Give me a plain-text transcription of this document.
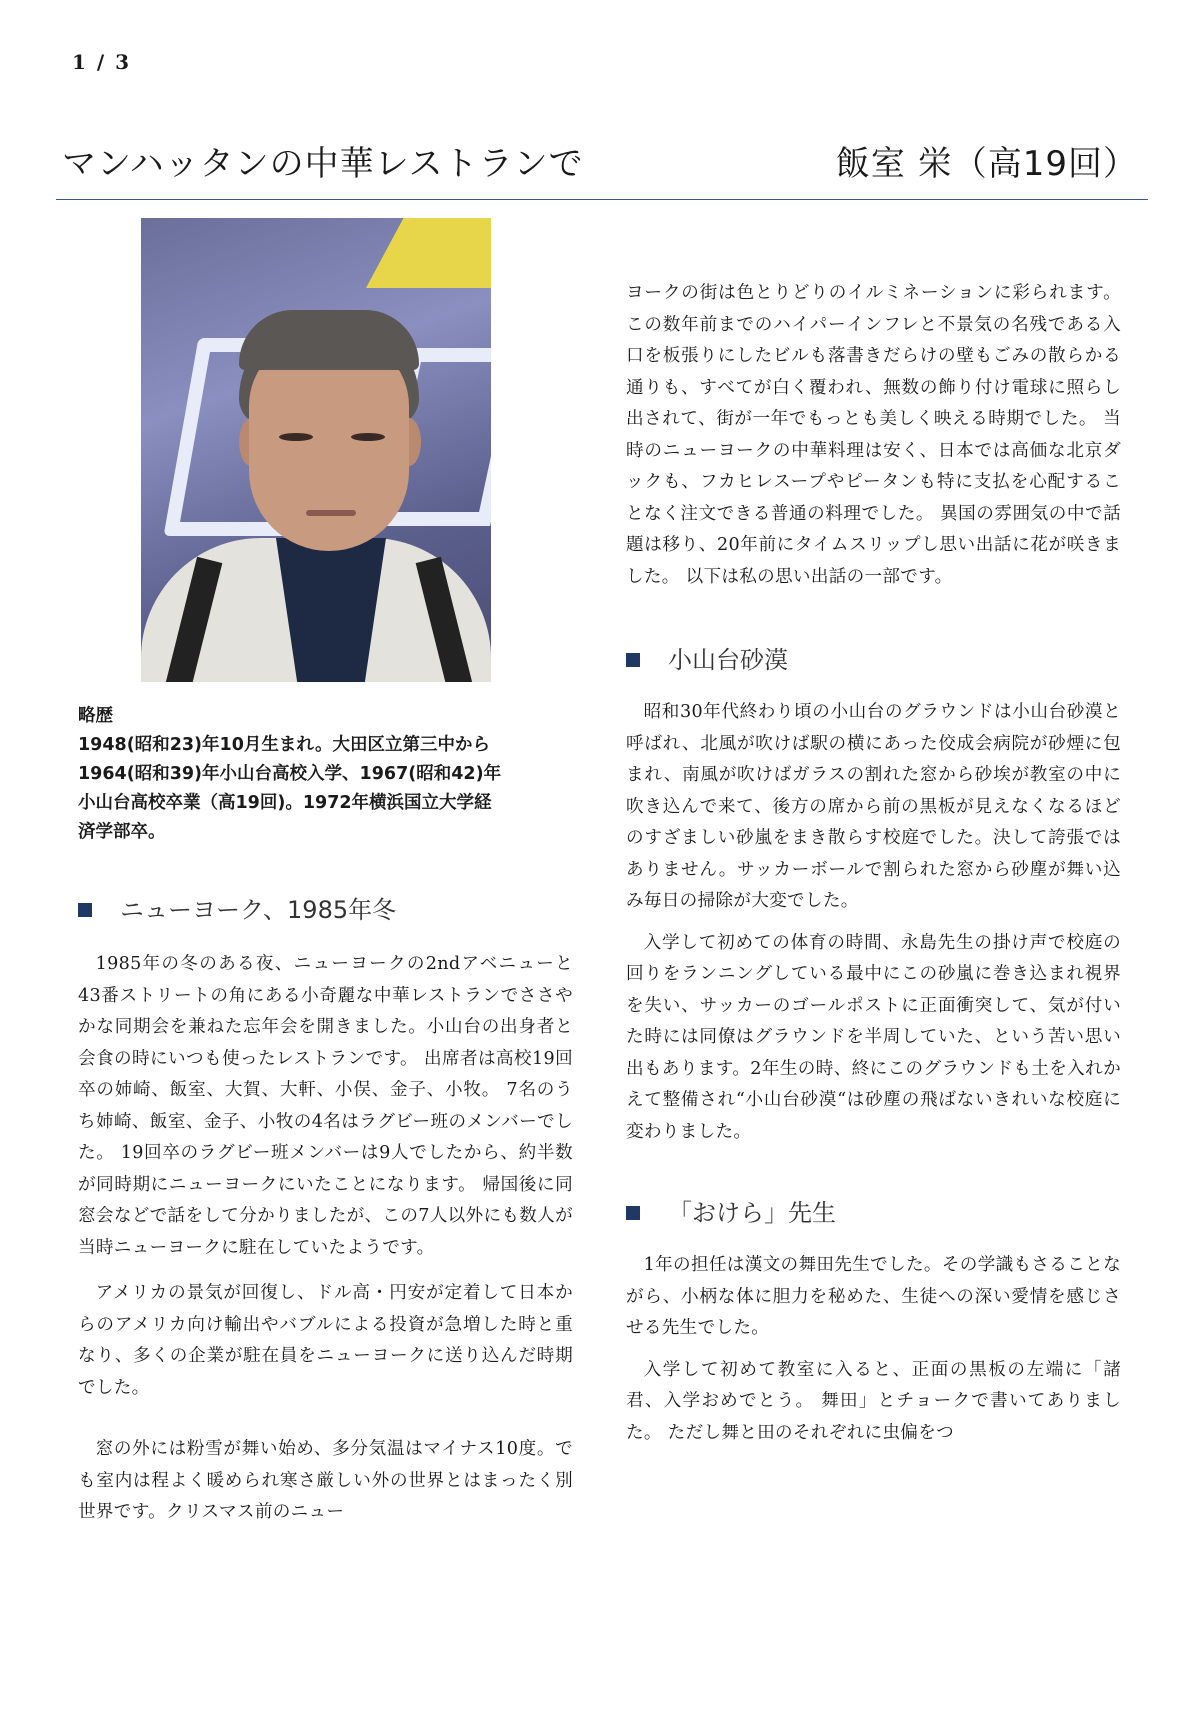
1 / 3
マンハッタンの中華レストランで	飯室 栄（高19回）
略歴
1948(昭和23)年10月生まれ。大田区立第三中から
1964(昭和39)年小山台高校入学、1967(昭和42)年
小山台高校卒業（高19回)。1972年横浜国立大学経
済学部卒。
ニューヨーク、1985年冬

1985年の冬のある夜、ニューヨークの2ndアベニューと43番ストリートの角にある小奇麗な中華レストランでささやかな同期会を兼ねた忘年会を開きました。小山台の出身者と会食の時にいつも使ったレストランです。 出席者は高校19回卒の姉崎、飯室、大賀、大軒、小俣、金子、小牧。 7名のうち姉崎、飯室、金子、小牧の4名はラグビー班のメンバーでした。 19回卒のラグビー班メンバーは9人でしたから、約半数が同時期にニューヨークにいたことになります。 帰国後に同窓会などで話をして分かりましたが、この7人以外にも数人が当時ニューヨークに駐在していたようです。

アメリカの景気が回復し、ドル高・円安が定着して日本からのアメリカ向け輸出やバブルによる投資が急増した時と重なり、多くの企業が駐在員をニューヨークに送り込んだ時期でした。

窓の外には粉雪が舞い始め、多分気温はマイナス10度。でも室内は程よく暖められ寒さ厳しい外の世界とはまったく別世界です。クリスマス前のニュー

ヨークの街は色とりどりのイルミネーションに彩られます。 この数年前までのハイパーインフレと不景気の名残である入口を板張りにしたビルも落書きだらけの壁もごみの散らかる通りも、すべてが白く覆われ、無数の飾り付け電球に照らし出されて、街が一年でもっとも美しく映える時期でした。 当時のニューヨークの中華料理は安く、日本では高価な北京ダックも、フカヒレスープやピータンも特に支払を心配することなく注文できる普通の料理でした。 異国の雰囲気の中で話題は移り、20年前にタイムスリップし思い出話に花が咲きました。 以下は私の思い出話の一部です。

小山台砂漠

昭和30年代終わり頃の小山台のグラウンドは小山台砂漠と呼ばれ、北風が吹けば駅の横にあった佼成会病院が砂煙に包まれ、南風が吹けばガラスの割れた窓から砂埃が教室の中に吹き込んで来て、後方の席から前の黒板が見えなくなるほどのすざましい砂嵐をまき散らす校庭でした。決して誇張ではありません。サッカーボールで割られた窓から砂塵が舞い込み毎日の掃除が大変でした。

入学して初めての体育の時間、永島先生の掛け声で校庭の回りをランニングしている最中にこの砂嵐に巻き込まれ視界を失い、サッカーのゴールポストに正面衝突して、気が付いた時には同僚はグラウンドを半周していた、という苦い思い出もあります。2年生の時、終にこのグラウンドも土を入れかえて整備され“小山台砂漠“は砂塵の飛ばないきれいな校庭に変わりました。

「おけら」先生

1年の担任は漢文の舞田先生でした。その学識もさることながら、小柄な体に胆力を秘めた、生徒への深い愛情を感じさせる先生でした。

入学して初めて教室に入ると、正面の黒板の左端に「諸君、入学おめでとう。 舞田」とチョークで書いてありました。 ただし舞と田のそれぞれに虫偏をつ
